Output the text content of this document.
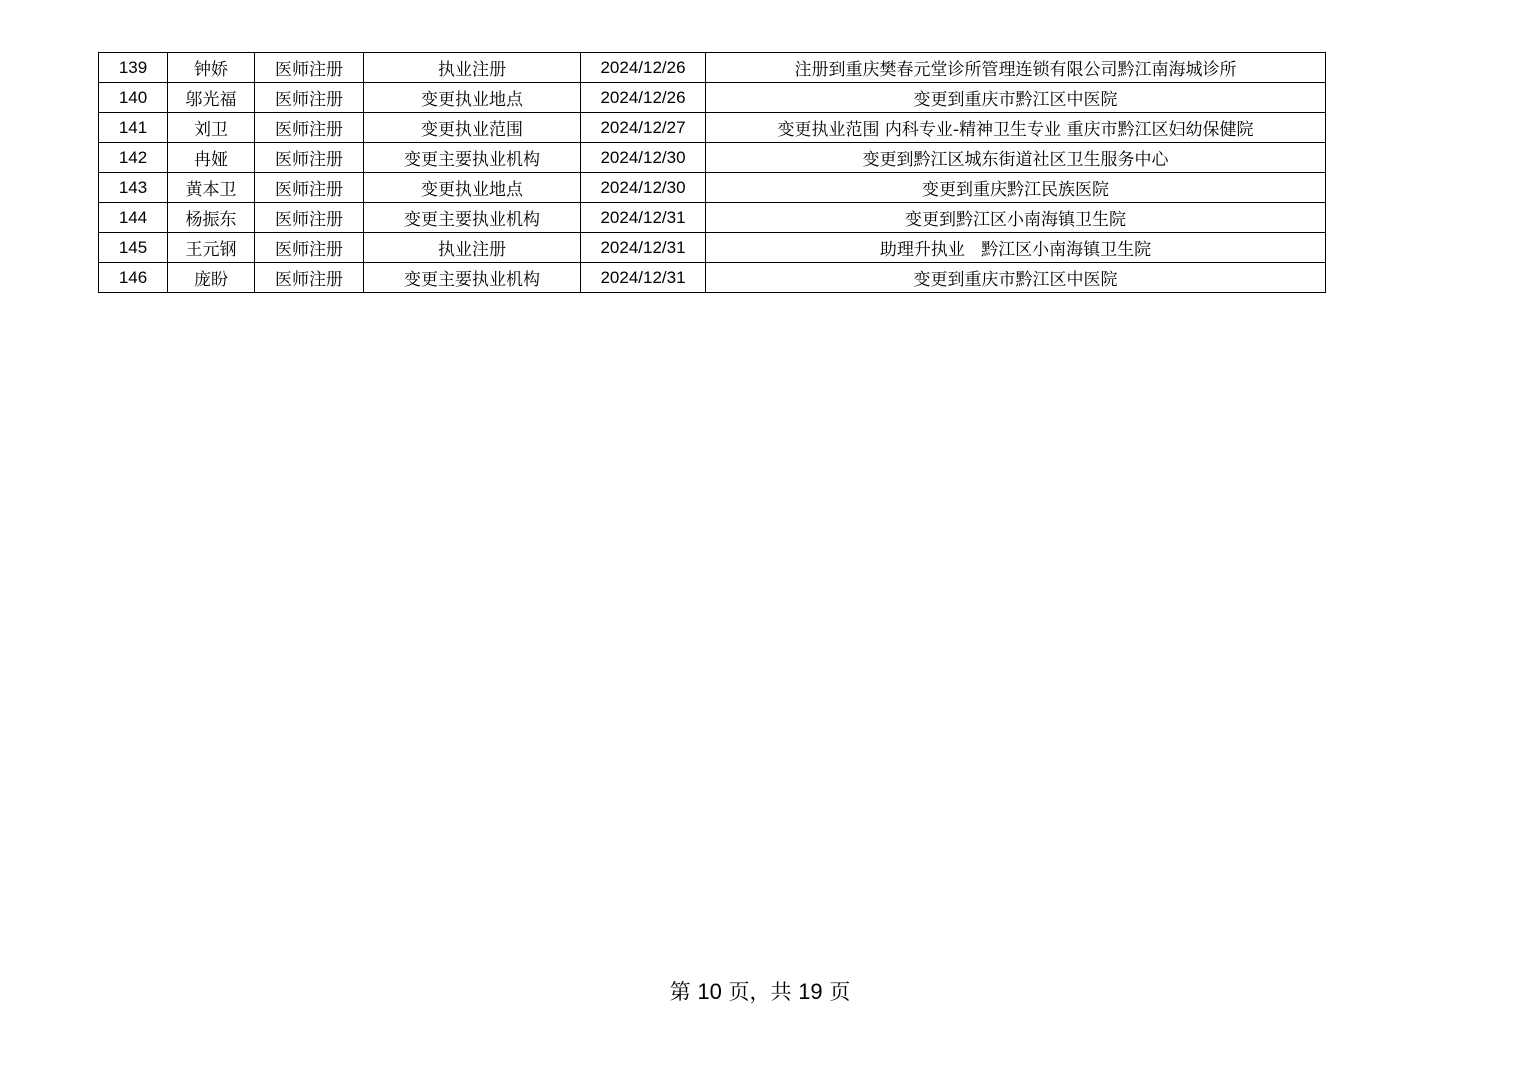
139	钟娇	医师注册	执业注册	2024/12/26	注册到重庆樊春元堂诊所管理连锁有限公司黔江南海城诊所
140	邬光福	医师注册	变更执业地点	2024/12/26	变更到重庆市黔江区中医院
141	刘卫	医师注册	变更执业范围	2024/12/27	变更执业范围 内科专业-精神卫生专业 重庆市黔江区妇幼保健院
142	冉娅	医师注册	变更主要执业机构	2024/12/30	变更到黔江区城东街道社区卫生服务中心
143	黄本卫	医师注册	变更执业地点	2024/12/30	变更到重庆黔江民族医院
144	杨振东	医师注册	变更主要执业机构	2024/12/31	变更到黔江区小南海镇卫生院
145	王元钢	医师注册	执业注册	2024/12/31	助理升执业   黔江区小南海镇卫生院
146	庞盼	医师注册	变更主要执业机构	2024/12/31	变更到重庆市黔江区中医院
第 10 页，共 19 页
